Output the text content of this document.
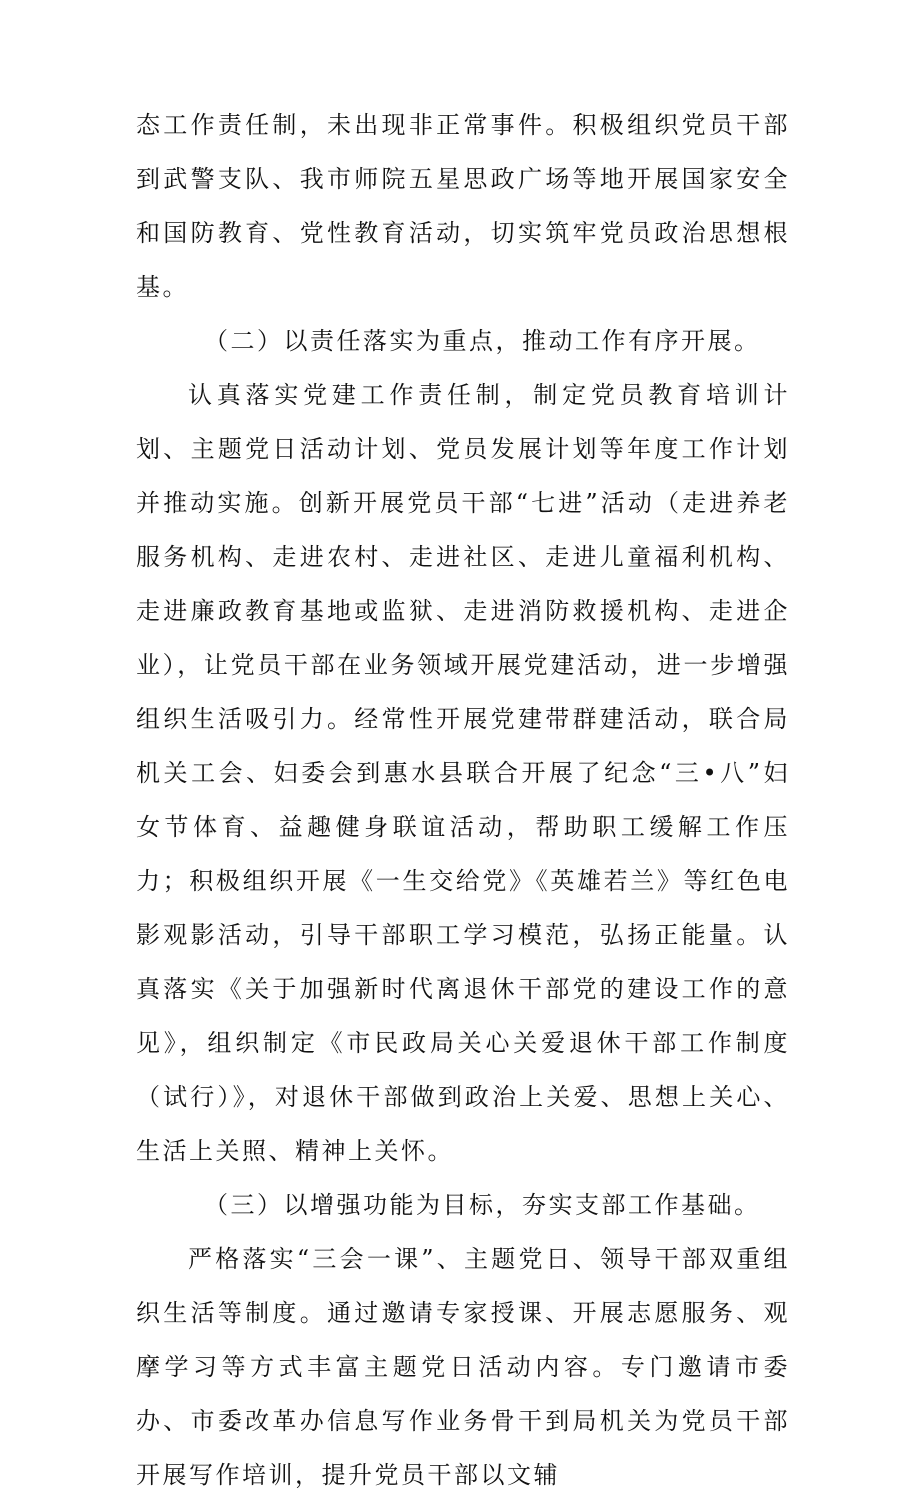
态工作责任制，未出现非正常事件。积极组织党员干部到武警支队、我市师院五星思政广场等地开展国家安全和国防教育、党性教育活动，切实筑牢党员政治思想根基。

（二）以责任落实为重点，推动工作有序开展。

认真落实党建工作责任制，制定党员教育培训计划、主题党日活动计划、党员发展计划等年度工作计划并推动实施。创新开展党员干部“七进”活动（走进养老服务机构、走进农村、走进社区、走进儿童福利机构、走进廉政教育基地或监狱、走进消防救援机构、走进企业），让党员干部在业务领域开展党建活动，进一步增强组织生活吸引力。经常性开展党建带群建活动，联合局机关工会、妇委会到惠水县联合开展了纪念“三•八”妇女节体育、益趣健身联谊活动，帮助职工缓解工作压力；积极组织开展《一生交给党》《英雄若兰》等红色电影观影活动，引导干部职工学习模范，弘扬正能量。认真落实《关于加强新时代离退休干部党的建设工作的意见》，组织制定《市民政局关心关爱退休干部工作制度（试行）》，对退休干部做到政治上关爱、思想上关心、生活上关照、精神上关怀。

（三）以增强功能为目标，夯实支部工作基础。

严格落实“三会一课”、主题党日、领导干部双重组织生活等制度。通过邀请专家授课、开展志愿服务、观摩学习等方式丰富主题党日活动内容。专门邀请市委办、市委改革办信息写作业务骨干到局机关为党员干部开展写作培训，提升党员干部以文辅
